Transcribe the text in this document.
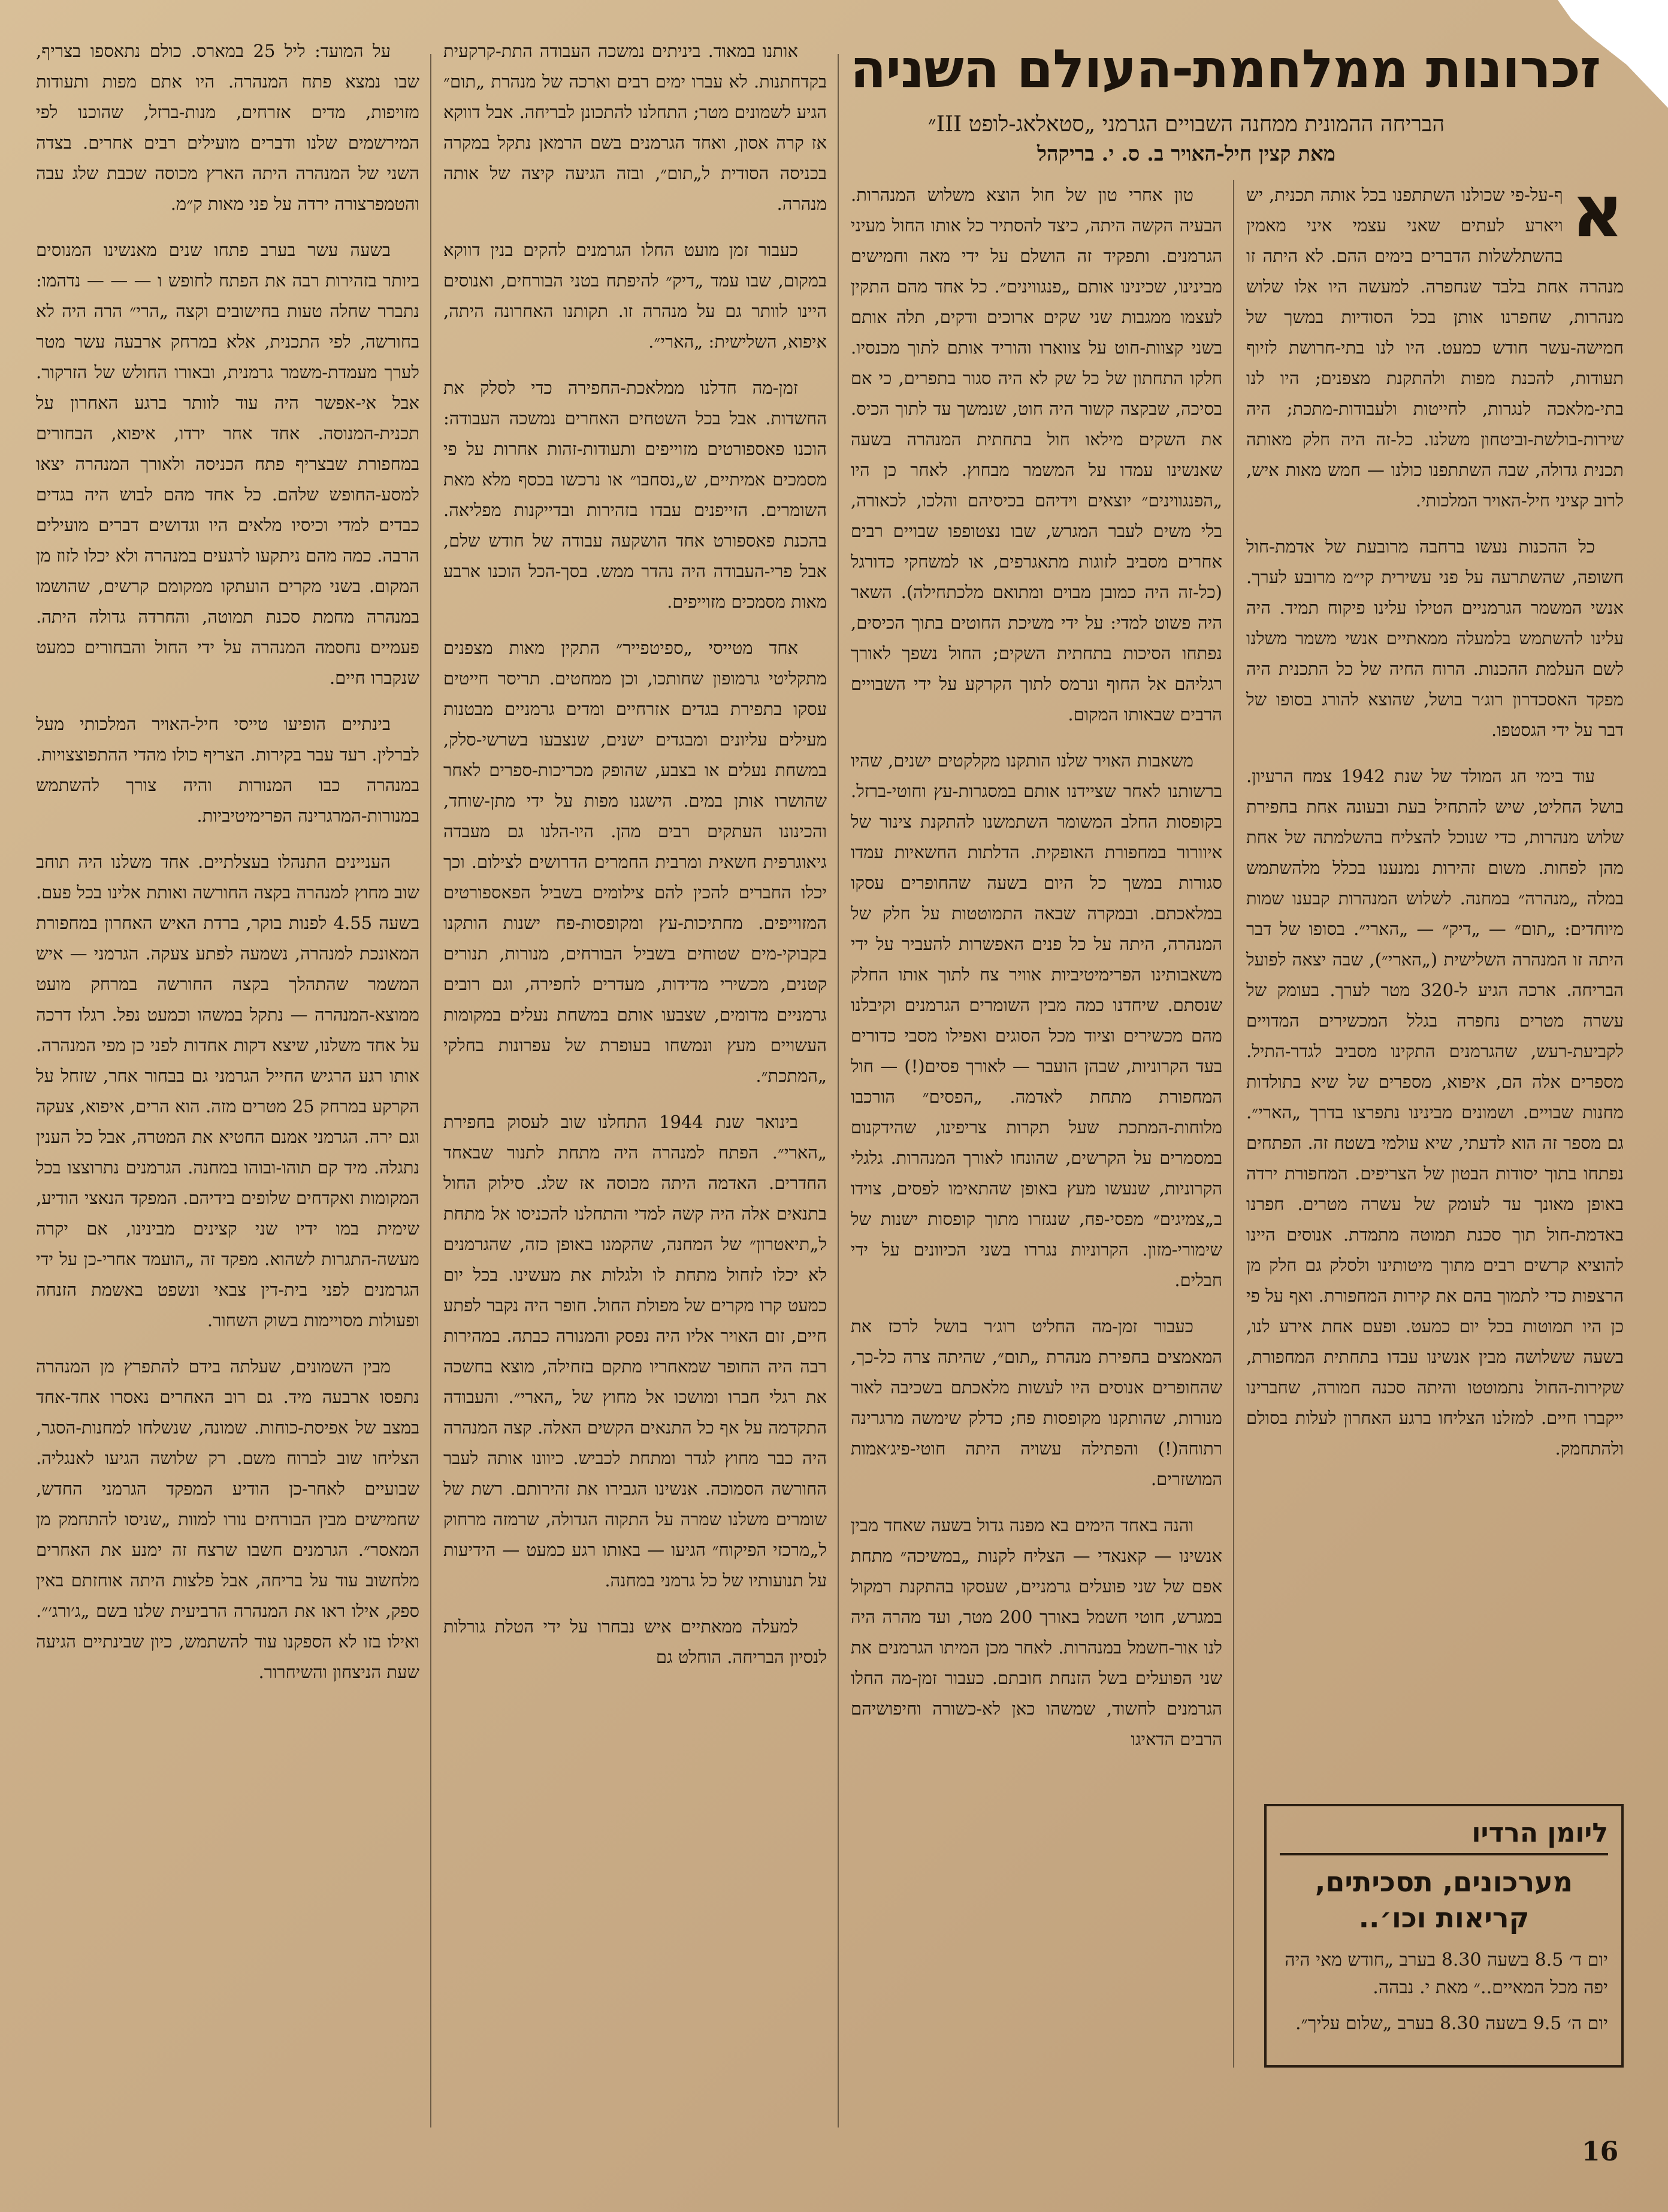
זכרונות ממלחמת-העולם השניה

הבריחה ההמונית ממחנה השבויים הגרמני „סטאלאג-לופט III״

מאת קצין חיל-האויר ב. ס. י. בריקהל

א

ף-על-פי שכולנו השתתפנו בכל אותה תכנית, יש ויארע לעתים שאני עצמי איני מאמין בהשתלשלות הדברים בימים ההם. לא היתה זו מנהרה אחת בלבד שנחפרה. למעשה היו אלו שלוש מנהרות, שחפרנו אותן בכל הסודיות במשך של חמישה-עשר חודש כמעט. היו לנו בתי-חרושת לזיוף תעודות, להכנת מפות ולהתקנת מצפנים; היו לנו בתי-מלאכה לנגרות, לחייטות ולעבודות-מתכת; היה שירות-בולשת-וביטחון משלנו. כל-זה היה חלק מאותה תכנית גדולה, שבה השתתפנו כולנו — חמש מאות איש, לרוב קציני חיל-האויר המלכותי.

כל ההכנות נעשו ברחבה מרובעת של אדמת-חול חשופה, שהשתרעה על פני עשירית קי״מ מרובע לערך. אנשי המשמר הגרמניים הטילו עלינו פיקוח תמיד. היה עלינו להשתמש בלמעלה ממאתיים אנשי משמר משלנו לשם העלמת ההכנות. הרוח החיה של כל התכנית היה מפקד האסכדרון רוג׳ר בושל, שהוצא להורג בסופו של דבר על ידי הגסטפו.

עוד בימי חג המולד של שנת 1942 צמח הרעיון. בושל החליט, שיש להתחיל בעת ובעונה אחת בחפירת שלוש מנהרות, כדי שנוכל להצליח בהשלמתה של אחת מהן לפחות. משום זהירות נמנענו בכלל מלהשתמש במלה „מנהרה״ במחנה. לשלוש המנהרות קבענו שמות מיוחדים: „תום״ — „דיק״ — „הארי״. בסופו של דבר היתה זו המנהרה השלישית („הארי״), שבה יצאה לפועל הבריחה. ארכה הגיע ל-320 מטר לערך. בעומק של עשרה מטרים נחפרה בגלל המכשירים המדויים לקביעת-רעש, שהגרמנים התקינו מסביב לגדר-התיל. מספרים אלה הם, איפוא, מספרים של שיא בתולדות מחנות שבויים. ושמונים מבינינו נתפרצו בדרך „הארי״. גם מספר זה הוא לדעתי, שיא עולמי בשטח זה. הפתחים נפתחו בתוך יסודות הבטון של הצריפים. המחפורת ירדה באופן מאונך עד לעומק של עשרה מטרים. חפרנו באדמת-חול תוך סכנת תמוטה מתמדת. אנוסים היינו להוציא קרשים רבים מתוך מיטותינו ולסלק גם חלק מן הרצפות כדי לתמוך בהם את קירות המחפורת. ואף על פי כן היו תמוטות בכל יום כמעט. ופעם אחת אירע לנו, בשעה ששלושה מבין אנשינו עבדו בתחתית המחפורת, שקירות-החול נתמוטטו והיתה סכנה חמורה, שחברינו ייקברו חיים. למזלנו הצליחו ברגע האחרון לעלות בסולם ולהתחמק.

טון אחרי טון של חול הוצא משלוש המנהרות. הבעיה הקשה היתה, כיצד להסתיר כל אותו החול מעיני הגרמנים. ותפקיד זה הושלם על ידי מאה וחמישים מבינינו, שכינינו אותם „פנגווינים״. כל אחד מהם התקין לעצמו ממגבות שני שקים ארוכים ודקים, תלה אותם בשני קצוות-חוט על צווארו והוריד אותם לתוך מכנסיו. חלקו התחתון של כל שק לא היה סגור בתפרים, כי אם בסיכה, שבקצה קשור היה חוט, שנמשך עד לתוך הכיס. את השקים מילאו חול בתחתית המנהרה בשעה שאנשינו עמדו על המשמר מבחוץ. לאחר כן היו „הפנגווינים״ יוצאים וידיהם בכיסיהם והלכו, לכאורה, בלי משים לעבר המגרש, שבו נצטופפו שבויים רבים אחרים מסביב לזוגות מתאגרפים, או למשחקי כדורגל (כל-זה היה כמובן מבוים ומתואם מלכתחילה). השאר היה פשוט למדי: על ידי משיכת החוטים בתוך הכיסים, נפתחו הסיכות בתחתית השקים; החול נשפך לאורך רגליהם אל החוף ונרמס לתוך הקרקע על ידי השבויים הרבים שבאותו המקום.

משאבות האויר שלנו הותקנו מקלקטים ישנים, שהיו ברשותנו לאחר שציידנו אותם במסגרות-עץ וחוטי-ברזל. בקופסות החלב המשומר השתמשנו להתקנת צינור של איוורור במחפורת האופקית. הדלתות החשאיות עמדו סגורות במשך כל היום בשעה שהחופרים עסקו במלאכתם. ובמקרה שבאה התמוטטות על חלק של המנהרה, היתה על כל פנים האפשרות להעביר על ידי משאבותינו הפרימיטיביות אוויר צח לתוך אותו החלק שנסתם. שיחדנו כמה מבין השומרים הגרמנים וקיבלנו מהם מכשירים וציוד מכל הסוגים ואפילו מסבי כדורים בעד הקרוניות, שבהן הועבר — לאורך פסים(!) — חול המחפורת מתחת לאדמה. „הפסים״ הורכבו מלוחות-המתכת שעל תקרות צריפינו, שהידקנום במסמרים על הקרשים, שהונחו לאורך המנהרות. גלגלי הקרוניות, שנעשו מעץ באופן שהתאימו לפסים, צוידו ב„צמיגים״ מפסי-פח, שנגזרו מתוך קופסות ישנות של שימורי-מזון. הקרוניות נגררו בשני הכיוונים על ידי חבלים.

כעבור זמן-מה החליט רוג׳ר בושל לרכז את המאמצים בחפירת מנהרת „תום״, שהיתה צרה כל-כך, שהחופרים אנוסים היו לעשות מלאכתם בשכיבה לאור מנורות, שהותקנו מקופסות פח; כדלק שימשה מרגרינה רתוחה(!) והפתילה עשויה היתה חוטי-פיג׳אמות המושזרים.

והנה באחד הימים בא מפנה גדול בשעה שאחד מבין אנשינו — קאנאדי — הצליח לקנות „במשיכה״ מתחת אפם של שני פועלים גרמניים, שעסקו בהתקנת רמקול במגרש, חוטי חשמל באורך 200 מטר, ועד מהרה היה לנו אור-חשמל במנהרות. לאחר מכן המיתו הגרמנים את שני הפועלים בשל הזנחת חובתם. כעבור זמן-מה החלו הגרמנים לחשוד, שמשהו כאן לא-כשורה וחיפושיהם הרבים הדאיגו

אותנו במאוד. ביניתים נמשכה העבודה התת-קרקעית בקדחתנות. לא עברו ימים רבים וארכה של מנהרת „תום״ הגיע לשמונים מטר; התחלנו להתכונן לבריחה. אבל דווקא אז קרה אסון, ואחד הגרמנים בשם הרמאן נתקל במקרה בכניסה הסודית ל„תום״, ובזה הגיעה קיצה של אותה מנהרה.

כעבור זמן מועט החלו הגרמנים להקים בנין דווקא במקום, שבו עמד „דיק״ להיפתח בטני הבורחים, ואנוסים היינו לוותר גם על מנהרה זו. תקותנו האחרונה היתה, איפוא, השלישית: „הארי״.

זמן-מה חדלנו ממלאכת-החפירה כדי לסלק את החשדות. אבל בכל השטחים האחרים נמשכה העבודה: הוכנו פאספורטים מזוייפים ותעודות-זהות אחרות על פי מסמכים אמיתיים, ש„נסחבו״ או נרכשו בכסף מלא מאת השומרים. הזייפנים עבדו בזהירות ובדייקנות מפליאה. בהכנת פאספורט אחד הושקעה עבודה של חודש שלם, אבל פרי-העבודה היה נהדר ממש. בסך-הכל הוכנו ארבע מאות מסמכים מזוייפים.

אחד מטייסי „ספיטפייר״ התקין מאות מצפנים מתקליטי גרמופון שחותכו, וכן ממחטים. תריסר חייטים עסקו בתפירת בגדים אזרחיים ומדים גרמניים מבטנות מעילים עליונים ומבגדים ישנים, שנצבעו בשרשי-סלק, במשחת נעלים או בצבע, שהופק מכריכות-ספרים לאחר שהושרו אותן במים. הישגנו מפות על ידי מתן-שוחד, והכינונו העתקים רבים מהן. היו-הלנו גם מעבדה גיאוגרפית חשאית ומרבית החמרים הדרושים לצילום. וכך יכלו החברים להכין להם צילומים בשביל הפאספורטים המזוייפים. מחתיכות-עץ ומקופסות-פח ישנות הותקנו בקבוקי-מים שטוחים בשביל הבורחים, מנורות, תנורים קטנים, מכשירי מדידות, מעדרים לחפירה, וגם רובים גרמניים מדומים, שצבעו אותם במשחת נעלים במקומות העשויים מעץ ונמשחו בעופרת של עפרונות בחלקי „המתכת״.

בינואר שנת 1944 התחלנו שוב לעסוק בחפירת „הארי״. הפתח למנהרה היה מתחת לתנור שבאחד החדרים. האדמה היתה מכוסה אז שלג. סילוק החול בתנאים אלה היה קשה למדי והתחלנו להכניסו אל מתחת ל„תיאטרון״ של המחנה, שהקמנו באופן כזה, שהגרמנים לא יכלו לזחול מתחת לו ולגלות את מעשינו. בכל יום כמעט קרו מקרים של מפולת החול. חופר היה נקבר לפתע חיים, זום האויר אליו היה נפסק והמנורה כבתה. במהירות רבה היה החופר שמאחריו מתקם בזחילה, מוצא בחשכה את רגלי חברו ומושכו אל מחוץ של „הארי״. והעבודה התקדמה על אף כל התנאים הקשים האלה. קצה המנהרה היה כבר מחוץ לגדר ומתחת לכביש. כיוונו אותה לעבר החורשה הסמוכה. אנשינו הגבירו את זהירותם. רשת של שומרים משלנו שמרה על התקוה הגדולה, שרמזה מרחוק ל„מרכזי הפיקוח״ הגיעו — באותו רגע כמעט — הידיעות על תנועותיו של כל גרמני במחנה.

למעלה ממאתיים איש נבחרו על ידי הטלת גורלות לנסיון הבריחה. הוחלט גם

על המועד: ליל 25 במארס. כולם נתאספו בצריף, שבו נמצא פתח המנהרה. היו אתם מפות ותעודות מזויפות, מדים אזרחים, מנות-ברזל, שהוכנו לפי המירשמים שלנו ודברים מועילים רבים אחרים. בצדה השני של המנהרה היתה הארץ מכוסה שכבת שלג עבה והטמפרצורה ירדה על פני מאות ק״מ.

בשעה עשר בערב פתחו שנים מאנשינו המנוסים ביותר בזהירות רבה את הפתח לחופש ו — — — נדהמו: נתברר שחלה טעות בחישובים וקצה „הרי״ הרה היה לא בחורשה, לפי התכנית, אלא במרחק ארבעה עשר מטר לערך מעמדת-משמר גרמנית, ובאורו החולש של הזרקור. אבל אי-אפשר היה עוד לוותר ברגע האחרון על תכנית-המנוסה. אחד אחר ירדו, איפוא, הבחורים במחפורת שבצריף פתח הכניסה ולאורך המנהרה יצאו למסע-החופש שלהם. כל אחד מהם לבוש היה בגדים כבדים למדי וכיסיו מלאים היו וגדושים דברים מועילים הרבה. כמה מהם ניתקעו לרגעים במנהרה ולא יכלו לזוז מן המקום. בשני מקרים הועתקו ממקומם קרשים, שהושמו במנהרה מחמת סכנת תמוטה, והחרדה גדולה היתה. פעמיים נחסמה המנהרה על ידי החול והבחורים כמעט שנקברו חיים.

בינתיים הופיעו טייסי חיל-האויר המלכותי מעל לברלין. רעד עבר בקירות. הצריף כולו מהדי ההתפוצצויות. במנהרה כבו המנורות והיה צורך להשתמש במנורות-המרגרינה הפרימיטיביות.

העניינים התנהלו בעצלתיים. אחד משלנו היה תוחב שוב מחוץ למנהרה בקצה החורשה ואותת אלינו בכל פעם. בשעה 4.55 לפנות בוקר, ברדת האיש האחרון במחפורת המאונכת למנהרה, נשמעה לפתע צעקה. הגרמני — איש המשמר שהתהלך בקצה החורשה במרחק מועט ממוצא-המנהרה — נתקל במשהו וכמעט נפל. רגלו דרכה על אחד משלנו, שיצא דקות אחדות לפני כן מפי המנהרה. אותו רגע הרגיש החייל הגרמני גם בבחור אחר, שזחל על הקרקע במרחק 25 מטרים מזה. הוא הרים, איפוא, צעקה וגם ירה. הגרמני אמנם החטיא את המטרה, אבל כל הענין נתגלה. מיד קם תוהו-ובוהו במחנה. הגרמנים נתרוצצו בכל המקומות ואקדחים שלופים בידיהם. המפקד הנאצי הודיע, שימית במו ידיו שני קצינים מבינינו, אם יקרה מעשה-התגרות לשהוא. מפקד זה „הועמד אחרי-כן על ידי הגרמנים לפני בית-דין צבאי ונשפט באשמת הזנחה ופעולות מסויימות בשוק השחור.

מבין השמונים, שעלתה בידם להתפרץ מן המנהרה נתפסו ארבעה מיד. גם רוב האחרים נאסרו אחד-אחד במצב של אפיסת-כוחות. שמונה, שנשלחו למחנות-הסגר, הצליחו שוב לברוח משם. רק שלושה הגיעו לאנגליה. שבועיים לאחר-כן הודיע המפקד הגרמני החדש, שחמישים מבין הבורחים נורו למוות „שניסו להתחמק מן המאסר״. הגרמנים חשבו שרצח זה ימנע את האחרים מלחשוב עוד על בריחה, אבל פלצות היתה אוחזתם באין ספק, אילו ראו את המנהרה הרביעית שלנו בשם „ג׳ורג׳״. ואילו בזו לא הספקנו עוד להשתמש, כיון שבינתיים הגיעה שעת הניצחון והשיחרור.

ליומן הרדיו
מערכונים, תסכיתים, קריאות וכו׳..
יום ד׳ 8.5 בשעה 8.30 בערב „חודש מאי היה יפה מכל המאיים..״ מאת י. נבהה.
יום ה׳ 9.5 בשעה 8.30 בערב „שלום עליך״.
16
